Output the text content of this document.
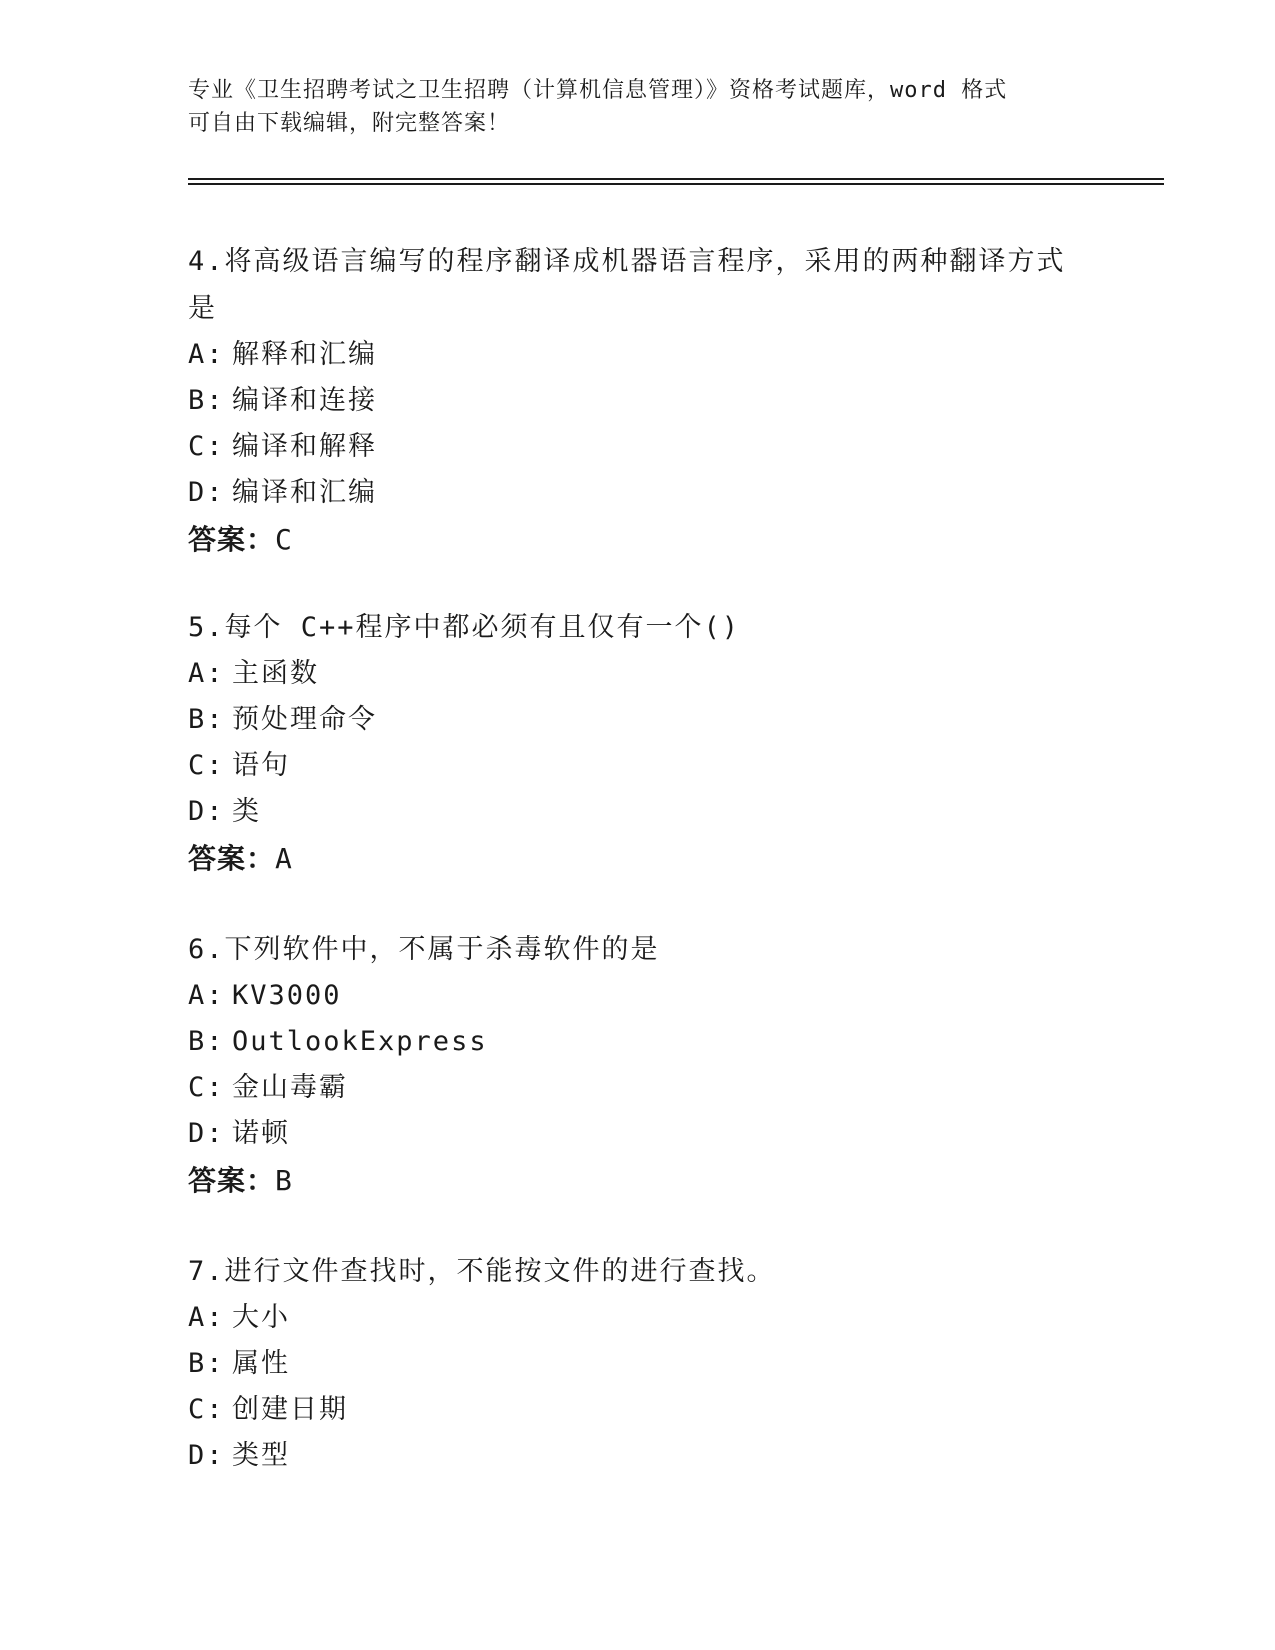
专业《卫生招聘考试之卫生招聘（计算机信息管理）》资格考试题库，word 格式
可自由下载编辑，附完整答案！
4.将高级语言编写的程序翻译成机器语言程序，采用的两种翻译方式
是
A: 解释和汇编
B: 编译和连接
C: 编译和解释
D: 编译和汇编
答案：C
5.每个 C++程序中都必须有且仅有一个()
A: 主函数
B: 预处理命令
C: 语句
D: 类
答案：A
6.下列软件中，不属于杀毒软件的是
A: KV3000
B: OutlookExpress
C: 金山毒霸
D: 诺顿
答案：B
7.进行文件查找时，不能按文件的进行查找。
A: 大小
B: 属性
C: 创建日期
D: 类型
